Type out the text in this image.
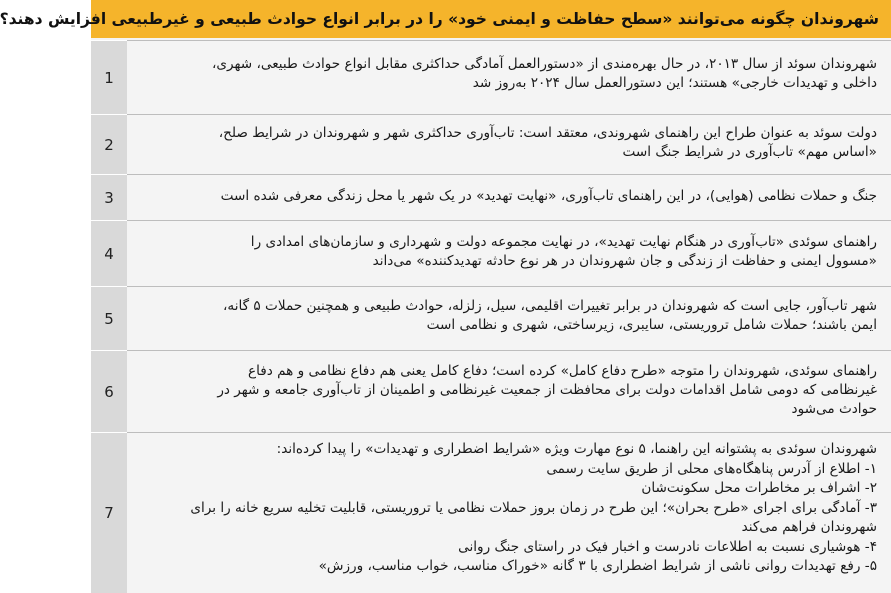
شهروندان چگونه می‌توانند «سطح حفاظت و ایمنی خود» را در برابر انواع حوادث طبیعی و غیرطبیعی افزایش دهند؟
1
شهروندان سوئد از سال ۲۰۱۳، در حال بهره‌مندی از «دستورالعمل آمادگی حداکثری مقابل انواع حوادث طبیعی، شهری،
داخلی و تهدیدات خارجی» هستند؛ این دستورالعمل سال ۲۰۲۴ به‌روز شد
2
دولت سوئد به عنوان طراح این راهنمای شهروندی، معتقد است: تاب‌آوری حداکثری شهر و شهروندان در شرایط صلح،
«اساس مهم» تاب‌آوری در شرایط جنگ است
3	جنگ و حملات نظامی (هوایی)، در این راهنمای تاب‌آوری، «نهایت تهدید» در یک شهر یا محل زندگی معرفی شده است
4
راهنمای سوئدی «تاب‌آوری در هنگام نهایت تهدید»، در نهایت مجموعه دولت و شهرداری و سازمان‌های امدادی را
«مسوول ایمنی و حفاظت از زندگی و جان شهروندان در هر نوع حادثه تهدیدکننده» می‌داند
5
شهر تاب‌آور، جایی است که شهروندان در برابر تغییرات اقلیمی، سیل، زلزله، حوادث طبیعی و همچنین حملات ۵ گانه،
ایمن باشند؛ حملات شامل تروریستی، سایبری، زیرساختی، شهری و نظامی است
6
راهنمای سوئدی، شهروندان را متوجه «طرح دفاع کامل» کرده است؛ دفاع کامل یعنی هم دفاع نظامی و هم دفاع
غیرنظامی که دومی شامل اقدامات دولت برای محافظت از جمعیت غیرنظامی و اطمینان از تاب‌آوری جامعه و شهر در
حوادث می‌شود
7
شهروندان سوئدی به پشتوانه این راهنما، ۵ نوع مهارت ویژه «شرایط اضطراری و تهدیدات» را پیدا کرده‌اند:
۱- اطلاع از آدرس پناهگاه‌های محلی از طریق سایت رسمی
۲- اشراف بر مخاطرات محل سکونت‌شان
۳- آمادگی برای اجرای «طرح بحران»؛ این طرح در زمان بروز حملات نظامی یا تروریستی، قابلیت تخلیه سریع خانه را برای
شهروندان فراهم می‌کند
۴- هوشیاری نسبت به اطلاعات نادرست و اخبار فیک در راستای جنگ روانی
۵- رفع تهدیدات روانی ناشی از شرایط اضطراری با ۳ گانه «خوراک مناسب، خواب مناسب، ورزش»
